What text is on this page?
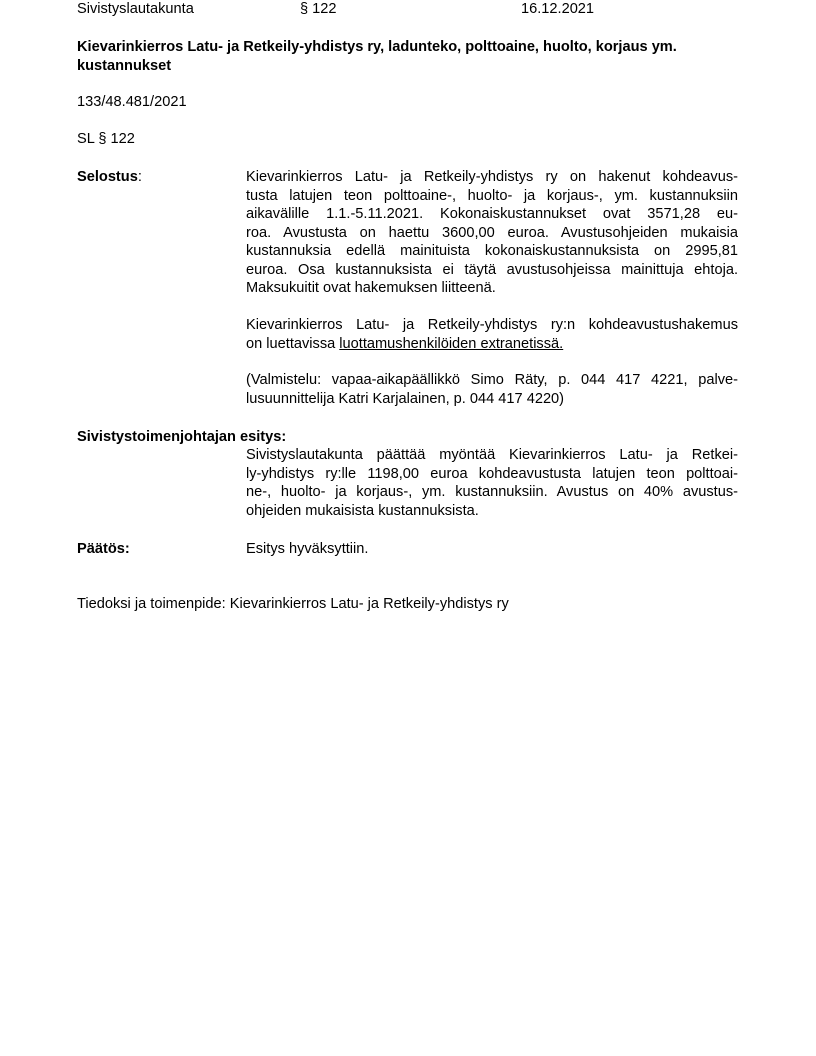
Sivistyslautakunta	§ 122	16.12.2021
Kievarinkierros Latu- ja Retkeily-yhdistys ry, ladunteko, polttoaine, huolto, korjaus ym.
kustannukset
133/48.481/2021
SL § 122
Selostus:	Kievarinkierros Latu- ja Retkeily-yhdistys ry on hakenut kohdeavus-
tusta latujen teon polttoaine-, huolto- ja korjaus-, ym. kustannuksiin
aikavälille 1.1.-5.11.2021. Kokonaiskustannukset ovat 3571,28 eu-
roa. Avustusta on haettu 3600,00 euroa. Avustusohjeiden mukaisia
kustannuksia edellä mainituista kokonaiskustannuksista on 2995,81
euroa. Osa kustannuksista ei täytä avustusohjeissa mainittuja ehtoja.
Maksukuitit ovat hakemuksen liitteenä.
Kievarinkierros Latu- ja Retkeily-yhdistys ry:n kohdeavustushakemus
on luettavissa luottamushenkilöiden extranetissä.
(Valmistelu: vapaa-aikapäällikkö Simo Räty, p. 044 417 4221, palve-
lusuunnittelija Katri Karjalainen, p. 044 417 4220)
Sivistystoimenjohtajan esitys:
Sivistyslautakunta päättää myöntää Kievarinkierros Latu- ja Retkei-
ly-yhdistys ry:lle 1198,00 euroa kohdeavustusta latujen teon polttoai-
ne-, huolto- ja korjaus-, ym. kustannuksiin. Avustus on 40% avustus-
ohjeiden mukaisista kustannuksista.
Päätös:	Esitys hyväksyttiin.
Tiedoksi ja toimenpide: Kievarinkierros Latu- ja Retkeily-yhdistys ry
